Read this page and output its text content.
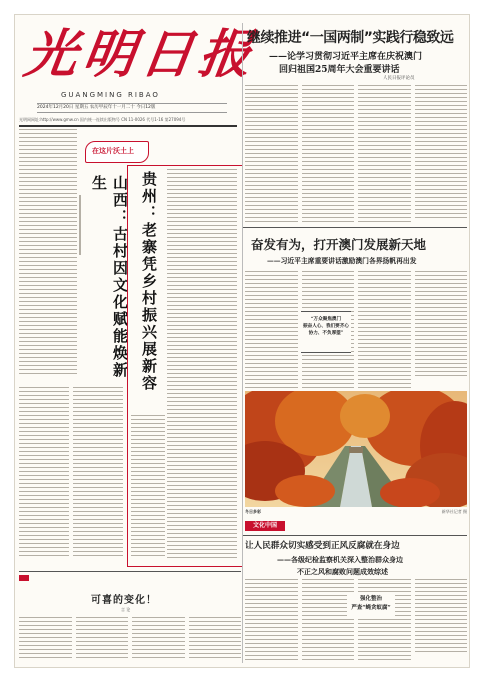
光明日报
GUANGMING RIBAO
2024年12月20日 星期五 农历甲辰年十一月二十 今日12版
光明网网址:http://www.gmw.cn 国内统一连续出版物号 CN 11-0026 代号1-16 第27094号
继续推进“一国两制”实践行稳致远
——论学习贯彻习近平主席在庆祝澳门
回归祖国25周年大会重要讲话
人民日报评论员
在这片沃土上
山西：古村因文化赋能焕新生	贵州：老寨凭乡村振兴展新容	奋发有为，打开澳门发展新天地
——习近平主席重要讲话激励澳门各界扬帆再出发
“万众聚焦澳门
振奋人心、我们要齐心
协力、不负厚望”
冬日多彩	新华社记者 摄
文化中国
让人民群众切实感受到正风反腐就在身边
——各级纪检监察机关深入整治群众身边
不正之风和腐败问题成效综述
强化整治
严查“蝇贪蚁腐”
可喜的变化！
言 论
